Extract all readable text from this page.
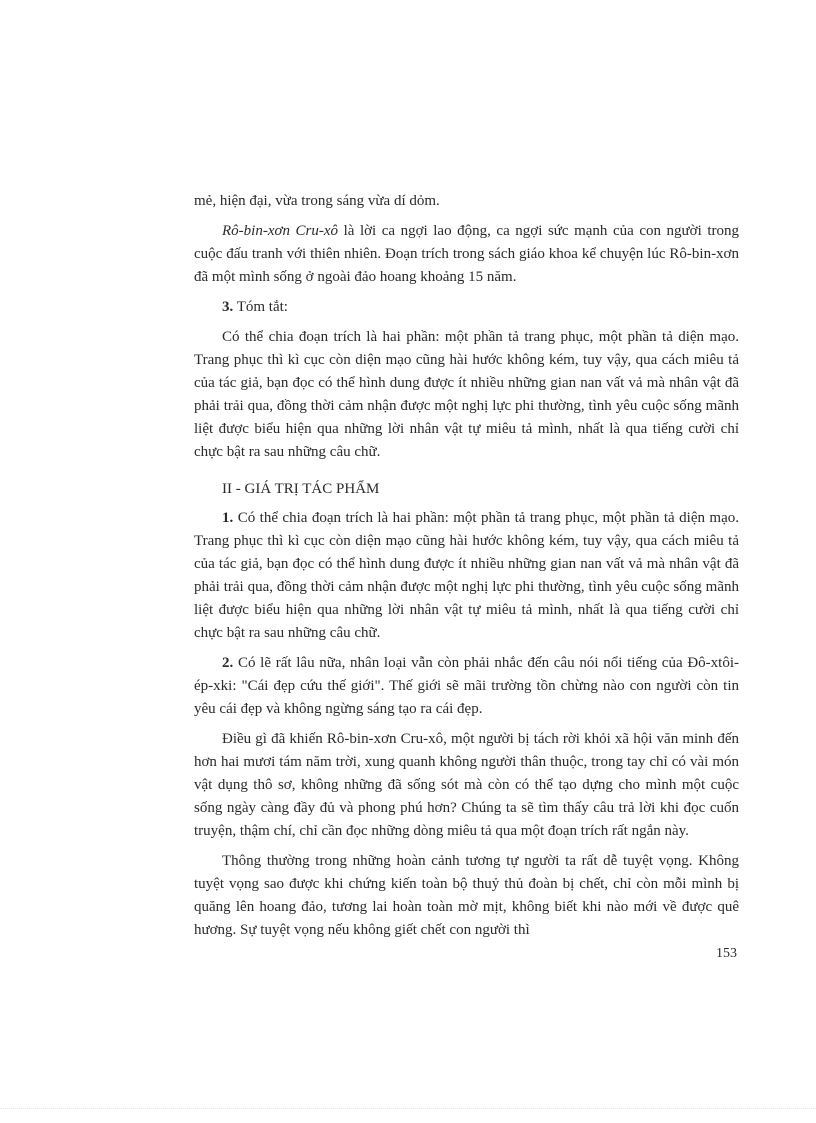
mẻ, hiện đại, vừa trong sáng vừa dí dỏm.

Rô-bin-xơn Cru-xô là lời ca ngợi lao động, ca ngợi sức mạnh của con người trong cuộc đấu tranh với thiên nhiên. Đoạn trích trong sách giáo khoa kể chuyện lúc Rô-bin-xơn đã một mình sống ở ngoài đảo hoang khoảng 15 năm.

3. Tóm tắt:

Có thể chia đoạn trích là hai phần: một phần tả trang phục, một phần tả diện mạo. Trang phục thì kì cục còn diện mạo cũng hài hước không kém, tuy vậy, qua cách miêu tả của tác giả, bạn đọc có thể hình dung được ít nhiều những gian nan vất vả mà nhân vật đã phải trải qua, đồng thời cảm nhận được một nghị lực phi thường, tình yêu cuộc sống mãnh liệt được biểu hiện qua những lời nhân vật tự miêu tả mình, nhất là qua tiếng cười chỉ chực bật ra sau những câu chữ.

II - GIÁ TRỊ TÁC PHẨM

1. Có thể chia đoạn trích là hai phần: một phần tả trang phục, một phần tả diện mạo. Trang phục thì kì cục còn diện mạo cũng hài hước không kém, tuy vậy, qua cách miêu tả của tác giả, bạn đọc có thể hình dung được ít nhiều những gian nan vất vả mà nhân vật đã phải trải qua, đồng thời cảm nhận được một nghị lực phi thường, tình yêu cuộc sống mãnh liệt được biểu hiện qua những lời nhân vật tự miêu tả mình, nhất là qua tiếng cười chỉ chực bật ra sau những câu chữ.

2. Có lẽ rất lâu nữa, nhân loại vẫn còn phải nhắc đến câu nói nổi tiếng của Đô-xtôi-ép-xki: "Cái đẹp cứu thế giới". Thế giới sẽ mãi trường tồn chừng nào con người còn tin yêu cái đẹp và không ngừng sáng tạo ra cái đẹp.

Điều gì đã khiến Rô-bin-xơn Cru-xô, một người bị tách rời khỏi xã hội văn minh đến hơn hai mươi tám năm trời, xung quanh không người thân thuộc, trong tay chỉ có vài món vật dụng thô sơ, không những đã sống sót mà còn có thể tạo dựng cho mình một cuộc sống ngày càng đầy đủ và phong phú hơn? Chúng ta sẽ tìm thấy câu trả lời khi đọc cuốn truyện, thậm chí, chỉ cần đọc những dòng miêu tả qua một đoạn trích rất ngắn này.

Thông thường trong những hoàn cảnh tương tự người ta rất dễ tuyệt vọng. Không tuyệt vọng sao được khi chứng kiến toàn bộ thuỷ thủ đoàn bị chết, chỉ còn mỗi mình bị quăng lên hoang đảo, tương lai hoàn toàn mờ mịt, không biết khi nào mới về được quê hương. Sự tuyệt vọng nếu không giết chết con người thì

153
